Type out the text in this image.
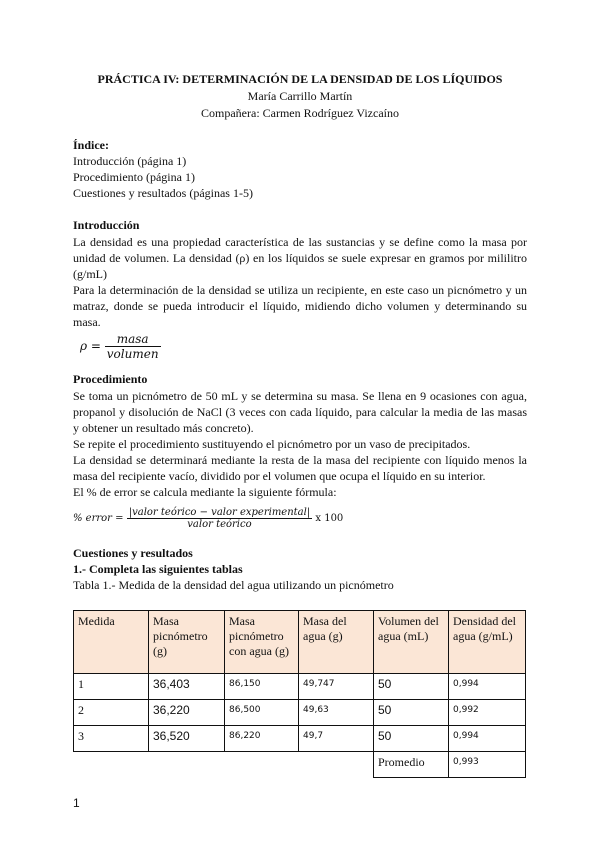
PRÁCTICA IV: DETERMINACIÓN DE LA DENSIDAD DE LOS LÍQUIDOS
María Carrillo Martín
Compañera: Carmen Rodríguez Vizcaíno
Índice:
Introducción (página 1)
Procedimiento (página 1)
Cuestiones y resultados (páginas 1-5)
Introducción
La densidad es una propiedad característica de las sustancias y se define como la masa por unidad de volumen. La densidad (ρ) en los líquidos se suele expresar en gramos por mililitro (g/mL)
Para la determinación de la densidad se utiliza un recipiente, en este caso un picnómetro y un matraz, donde se pueda introducir el líquido, midiendo dicho volumen y determinando su masa.
$\rho = \frac{\text{masa}}{\text{volumen}}$
Procedimiento
Se toma un picnómetro de 50 mL y se determina su masa. Se llena en 9 ocasiones con agua, propanol y disolución de NaCl (3 veces con cada líquido, para calcular la media de las masas y obtener un resultado más concreto).
Se repite el procedimiento sustituyendo el picnómetro por un vaso de precipitados.
La densidad se determinará mediante la resta de la masa del recipiente con líquido menos la masa del recipiente vacío, dividido por el volumen que ocupa el líquido en su interior.
El % de error se calcula mediante la siguiente fórmula:
% error = $\frac{\text{|valor teórico − valor experimental|}}{\text{valor teórico}}$ x 100
Cuestiones y resultados
1.- Completa las siguientes tablas
Tabla 1.- Medida de la densidad del agua utilizando un picnómetro
Medida	Masa picnómetro (g)	Masa picnómetro con agua (g)	Masa del agua (g)	Volumen del agua (mL)	Densidad del agua (g/mL)
1	36,403	86,150	49,747	50	0,994
2	36,220	86,500	49,63	50	0,992
3	36,520	86,220	49,7	50	0,994
				Promedio	0,993
1
